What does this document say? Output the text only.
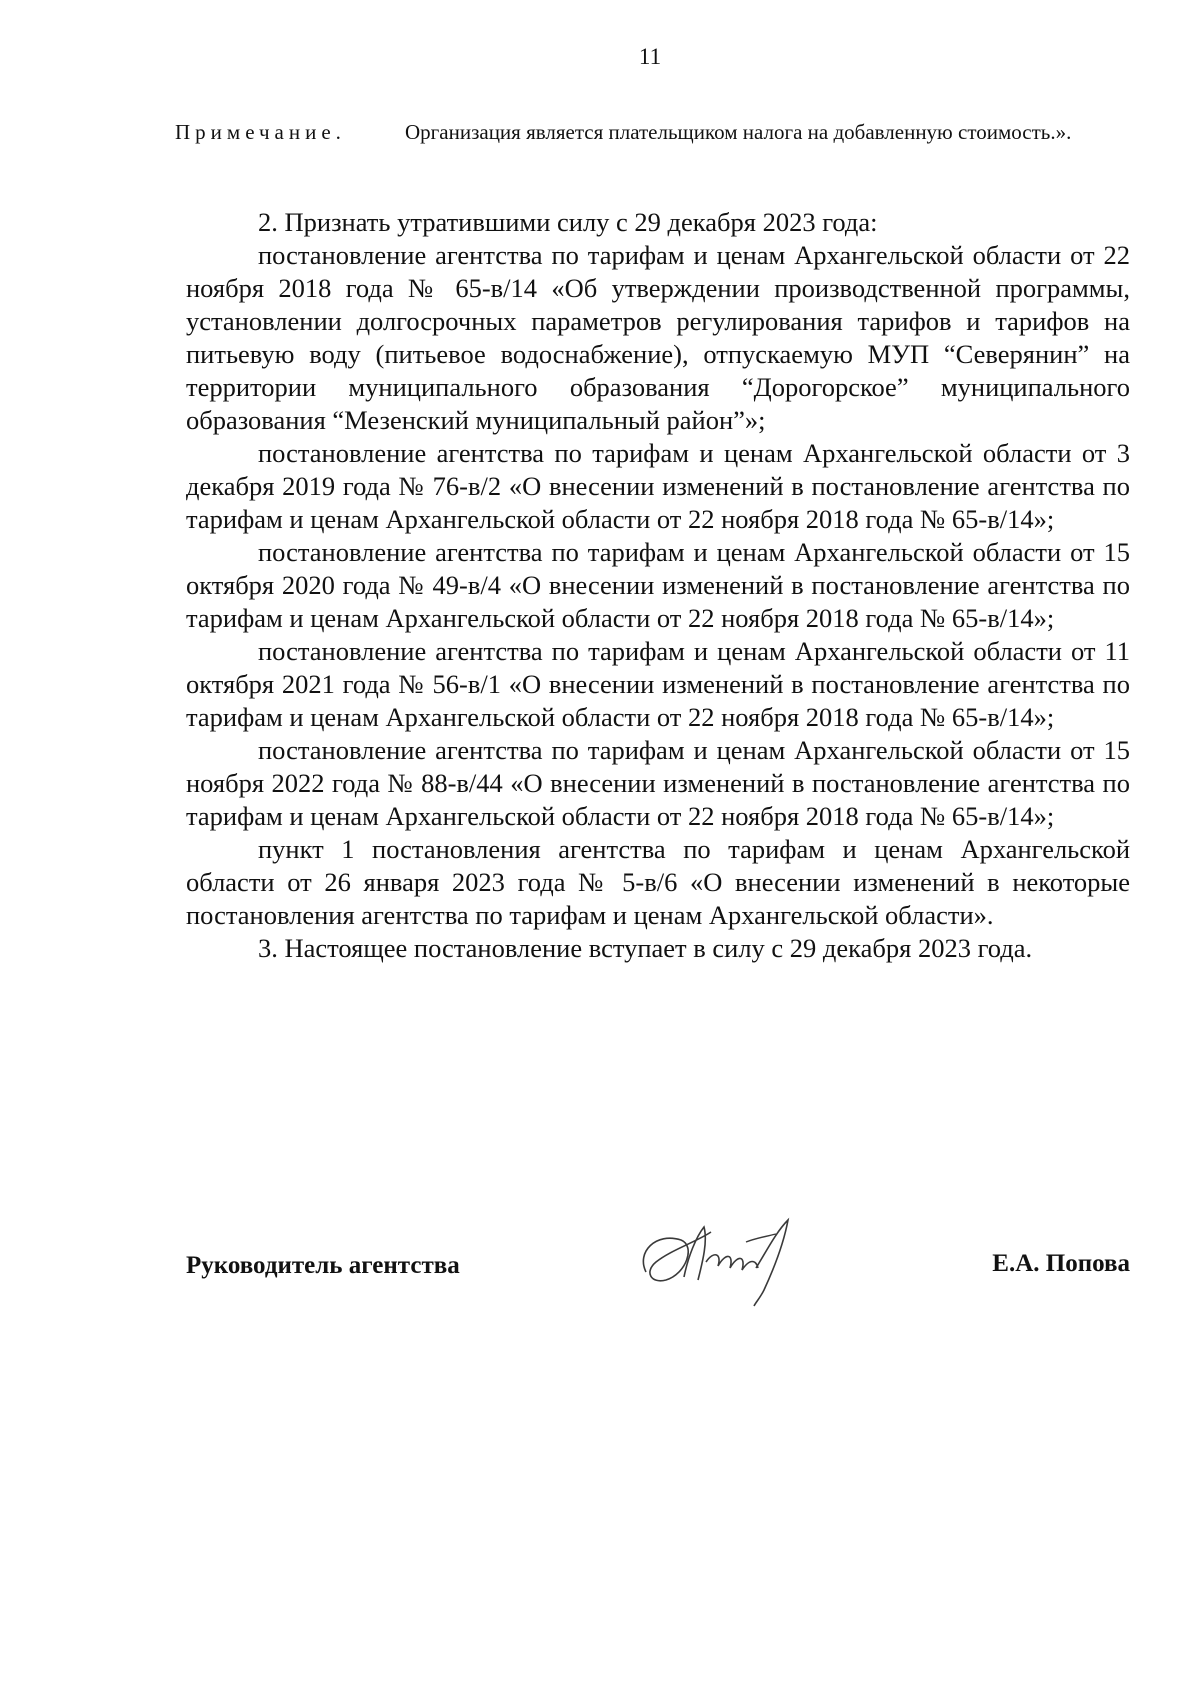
11
Примечание.	Организация является плательщиком налога на добавленную стоимость.».

2. Признать утратившими силу с 29 декабря 2023 года:

постановление агентства по тарифам и ценам Архангельской области от 22 ноября 2018 года № 65-в/14 «Об утверждении производственной программы, установлении долгосрочных параметров регулирования тарифов и тарифов на питьевую воду (питьевое водоснабжение), отпускаемую МУП “Северянин” на территории муниципального образования “Дорогорское” муниципального образования “Мезенский муниципальный район”»;

постановление агентства по тарифам и ценам Архангельской области от 3 декабря 2019 года № 76-в/2 «О внесении изменений в постановление агентства по тарифам и ценам Архангельской области от 22 ноября 2018 года № 65-в/14»;

постановление агентства по тарифам и ценам Архангельской области от 15 октября 2020 года № 49-в/4 «О внесении изменений в постановление агентства по тарифам и ценам Архангельской области от 22 ноября 2018 года № 65-в/14»;

постановление агентства по тарифам и ценам Архангельской области от 11 октября 2021 года № 56-в/1 «О внесении изменений в постановление агентства по тарифам и ценам Архангельской области от 22 ноября 2018 года № 65-в/14»;

постановление агентства по тарифам и ценам Архангельской области от 15 ноября 2022 года № 88-в/44 «О внесении изменений в постановление агентства по тарифам и ценам Архангельской области от 22 ноября 2018 года № 65-в/14»;

пункт 1 постановления агентства по тарифам и ценам Архангельской области от 26 января 2023 года № 5-в/6 «О внесении изменений в некоторые постановления агентства по тарифам и ценам Архангельской области».

3. Настоящее постановление вступает в силу с 29 декабря 2023 года.

Руководитель агентства	Е.А. Попова
